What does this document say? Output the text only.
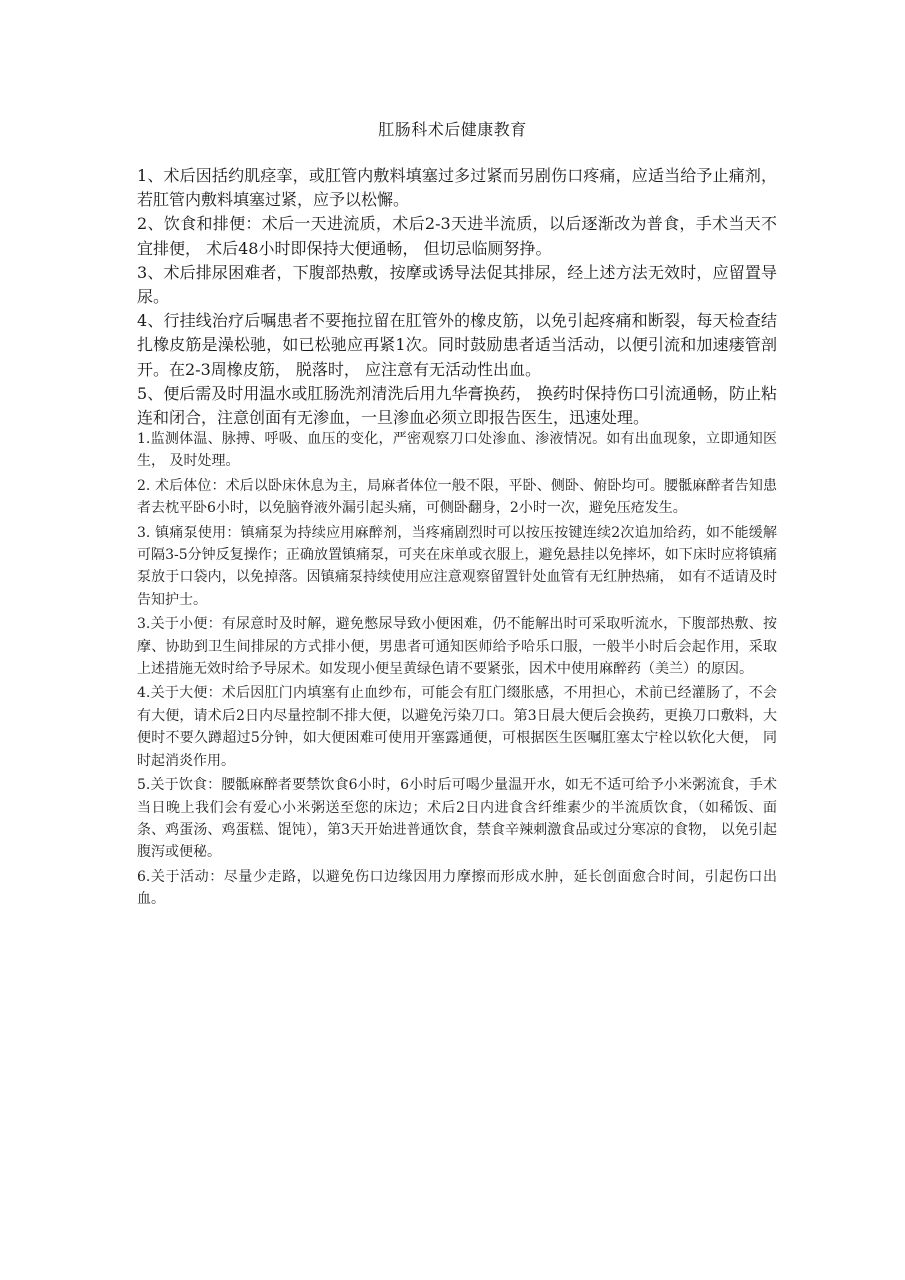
肛肠科术后健康教育

1、术后因括约肌痉挛，或肛管内敷料填塞过多过紧而另剧伤口疼痛，应适当给予止痛剂，若肛管内敷料填塞过紧，应予以松懈。

2、饮食和排便：术后一天进流质，术后2-3天进半流质，以后逐渐改为普食，手术当天不宜排便， 术后48小时即保持大便通畅， 但切忌临厕努挣。

3、术后排尿困难者，下腹部热敷，按摩或诱导法促其排尿，经上述方法无效时，应留置导尿。

4、行挂线治疗后嘱患者不要拖拉留在肛管外的橡皮筋，以免引起疼痛和断裂，每天检查结扎橡皮筋是澡松驰，如已松驰应再紧1次。同时鼓励患者适当活动，以便引流和加速瘘管剖开。在2-3周橡皮筋， 脱落时， 应注意有无活动性出血。

5、便后需及时用温水或肛肠洗剂清洗后用九华膏换药， 换药时保持伤口引流通畅，防止粘连和闭合，注意创面有无渗血，一旦渗血必须立即报告医生，迅速处理。

1.监测体温、脉搏、呼吸、血压的变化，严密观察刀口处渗血、渗液情况。如有出血现象，立即通知医生， 及时处理。

2. 术后体位：术后以卧床休息为主，局麻者体位一般不限，平卧、侧卧、俯卧均可。腰骶麻醉者告知患者去枕平卧6小时，以免脑脊液外漏引起头痛，可侧卧翻身，2小时一次，避免压疮发生。

3. 镇痛泵使用：镇痛泵为持续应用麻醉剂，当疼痛剧烈时可以按压按键连续2次追加给药，如不能缓解可隔3-5分钟反复操作；正确放置镇痛泵，可夹在床单或衣服上，避免悬挂以免摔坏，如下床时应将镇痛泵放于口袋内，以免掉落。因镇痛泵持续使用应注意观察留置针处血管有无红肿热痛， 如有不适请及时告知护士。

3.关于小便：有尿意时及时解，避免憋尿导致小便困难，仍不能解出时可采取听流水，下腹部热敷、按摩、协助到卫生间排尿的方式排小便，男患者可通知医师给予哈乐口服，一般半小时后会起作用，采取上述措施无效时给予导尿术。如发现小便呈黄绿色请不要紧张，因术中使用麻醉药（美兰）的原因。

4.关于大便：术后因肛门内填塞有止血纱布，可能会有肛门缀胀感，不用担心，术前已经灌肠了，不会有大便，请术后2日内尽量控制不排大便，以避免污染刀口。第3日晨大便后会换药，更换刀口敷料，大便时不要久蹲超过5分钟，如大便困难可使用开塞露通便，可根据医生医嘱肛塞太宁栓以软化大便， 同时起消炎作用。

5.关于饮食：腰骶麻醉者要禁饮食6小时，6小时后可喝少量温开水，如无不适可给予小米粥流食，手术当日晚上我们会有爱心小米粥送至您的床边；术后2日内进食含纤维素少的半流质饮食，（如稀饭、面条、鸡蛋汤、鸡蛋糕、馄饨），第3天开始进普通饮食，禁食辛辣刺激食品或过分寒凉的食物， 以免引起腹泻或便秘。

6.关于活动：尽量少走路，以避免伤口边缘因用力摩擦而形成水肿，延长创面愈合时间，引起伤口出血。
